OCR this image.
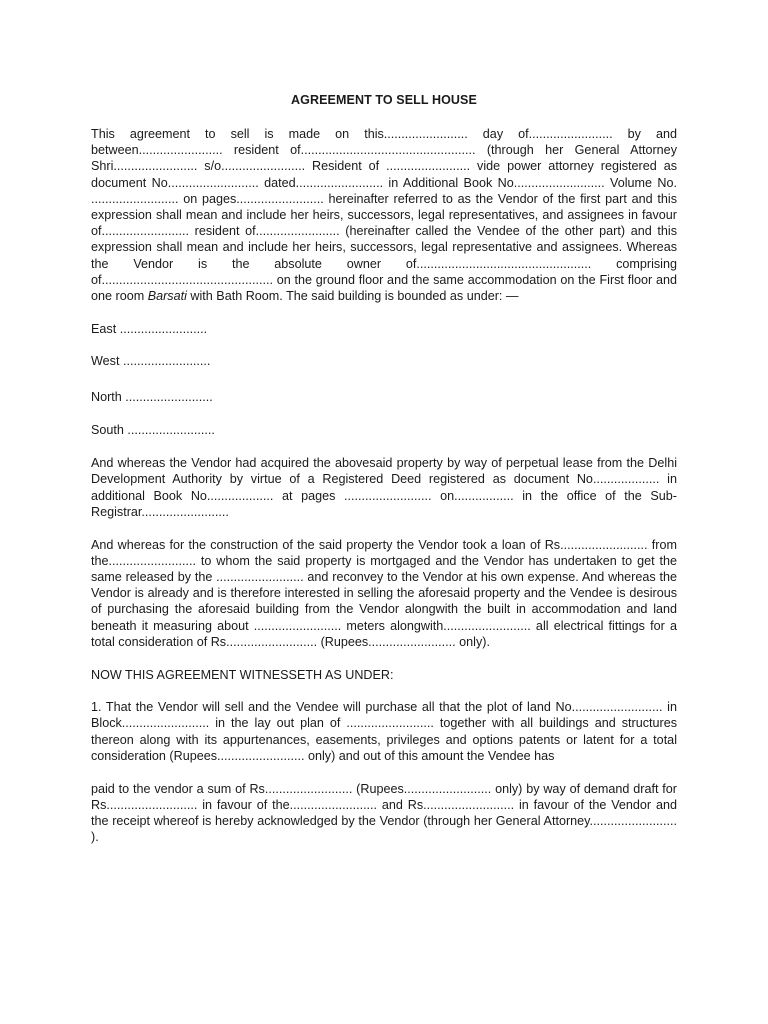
AGREEMENT TO SELL HOUSE

This agreement to sell is made on this........................ day of........................ by and between........................ resident of.................................................. (through her General Attorney Shri........................ s/o........................ Resident of ........................ vide power attorney registered as document No.......................... dated......................... in Additional Book No.......................... Volume No. ......................... on pages......................... hereinafter referred to as the Vendor of the first part and this expression shall mean and include her heirs, successors, legal representatives, and assignees in favour of......................... resident of........................ (hereinafter called the Vendee of the other part) and this expression shall mean and include her heirs, successors, legal representative and assignees. Whereas the Vendor is the absolute owner of.................................................. comprising of................................................. on the ground floor and the same accommodation on the First floor and one room Barsati with Bath Room. The said building is bounded as under: —

East .........................

West .........................

North .........................

South .........................

And whereas the Vendor had acquired the abovesaid property by way of perpetual lease from the Delhi Development Authority by virtue of a Registered Deed registered as document No................... in additional Book No................... at pages ......................... on................. in the office of the Sub-Registrar.........................

And whereas for the construction of the said property the Vendor took a loan of Rs......................... from the......................... to whom the said property is mortgaged and the Vendor has undertaken to get the same released by the ......................... and reconvey to the Vendor at his own expense. And whereas the Vendor is already and is therefore interested in selling the aforesaid property and the Vendee is desirous of purchasing the aforesaid building from the Vendor alongwith the built in accommodation and land beneath it measuring about ......................... meters alongwith......................... all electrical fittings for a total consideration of Rs.......................... (Rupees......................... only).

NOW THIS AGREEMENT WITNESSETH AS UNDER:

1. That the Vendor will sell and the Vendee will purchase all that the plot of land No.......................... in Block......................... in the lay out plan of ......................... together with all buildings and structures thereon along with its appurtenances, easements, privileges and options patents or latent for a total consideration (Rupees......................... only) and out of this amount the Vendee has

paid to the vendor a sum of Rs......................... (Rupees......................... only) by way of demand draft for Rs.......................... in favour of the......................... and Rs.......................... in favour of the Vendor and the receipt whereof is hereby acknowledged by the Vendor (through her General Attorney......................... ).
